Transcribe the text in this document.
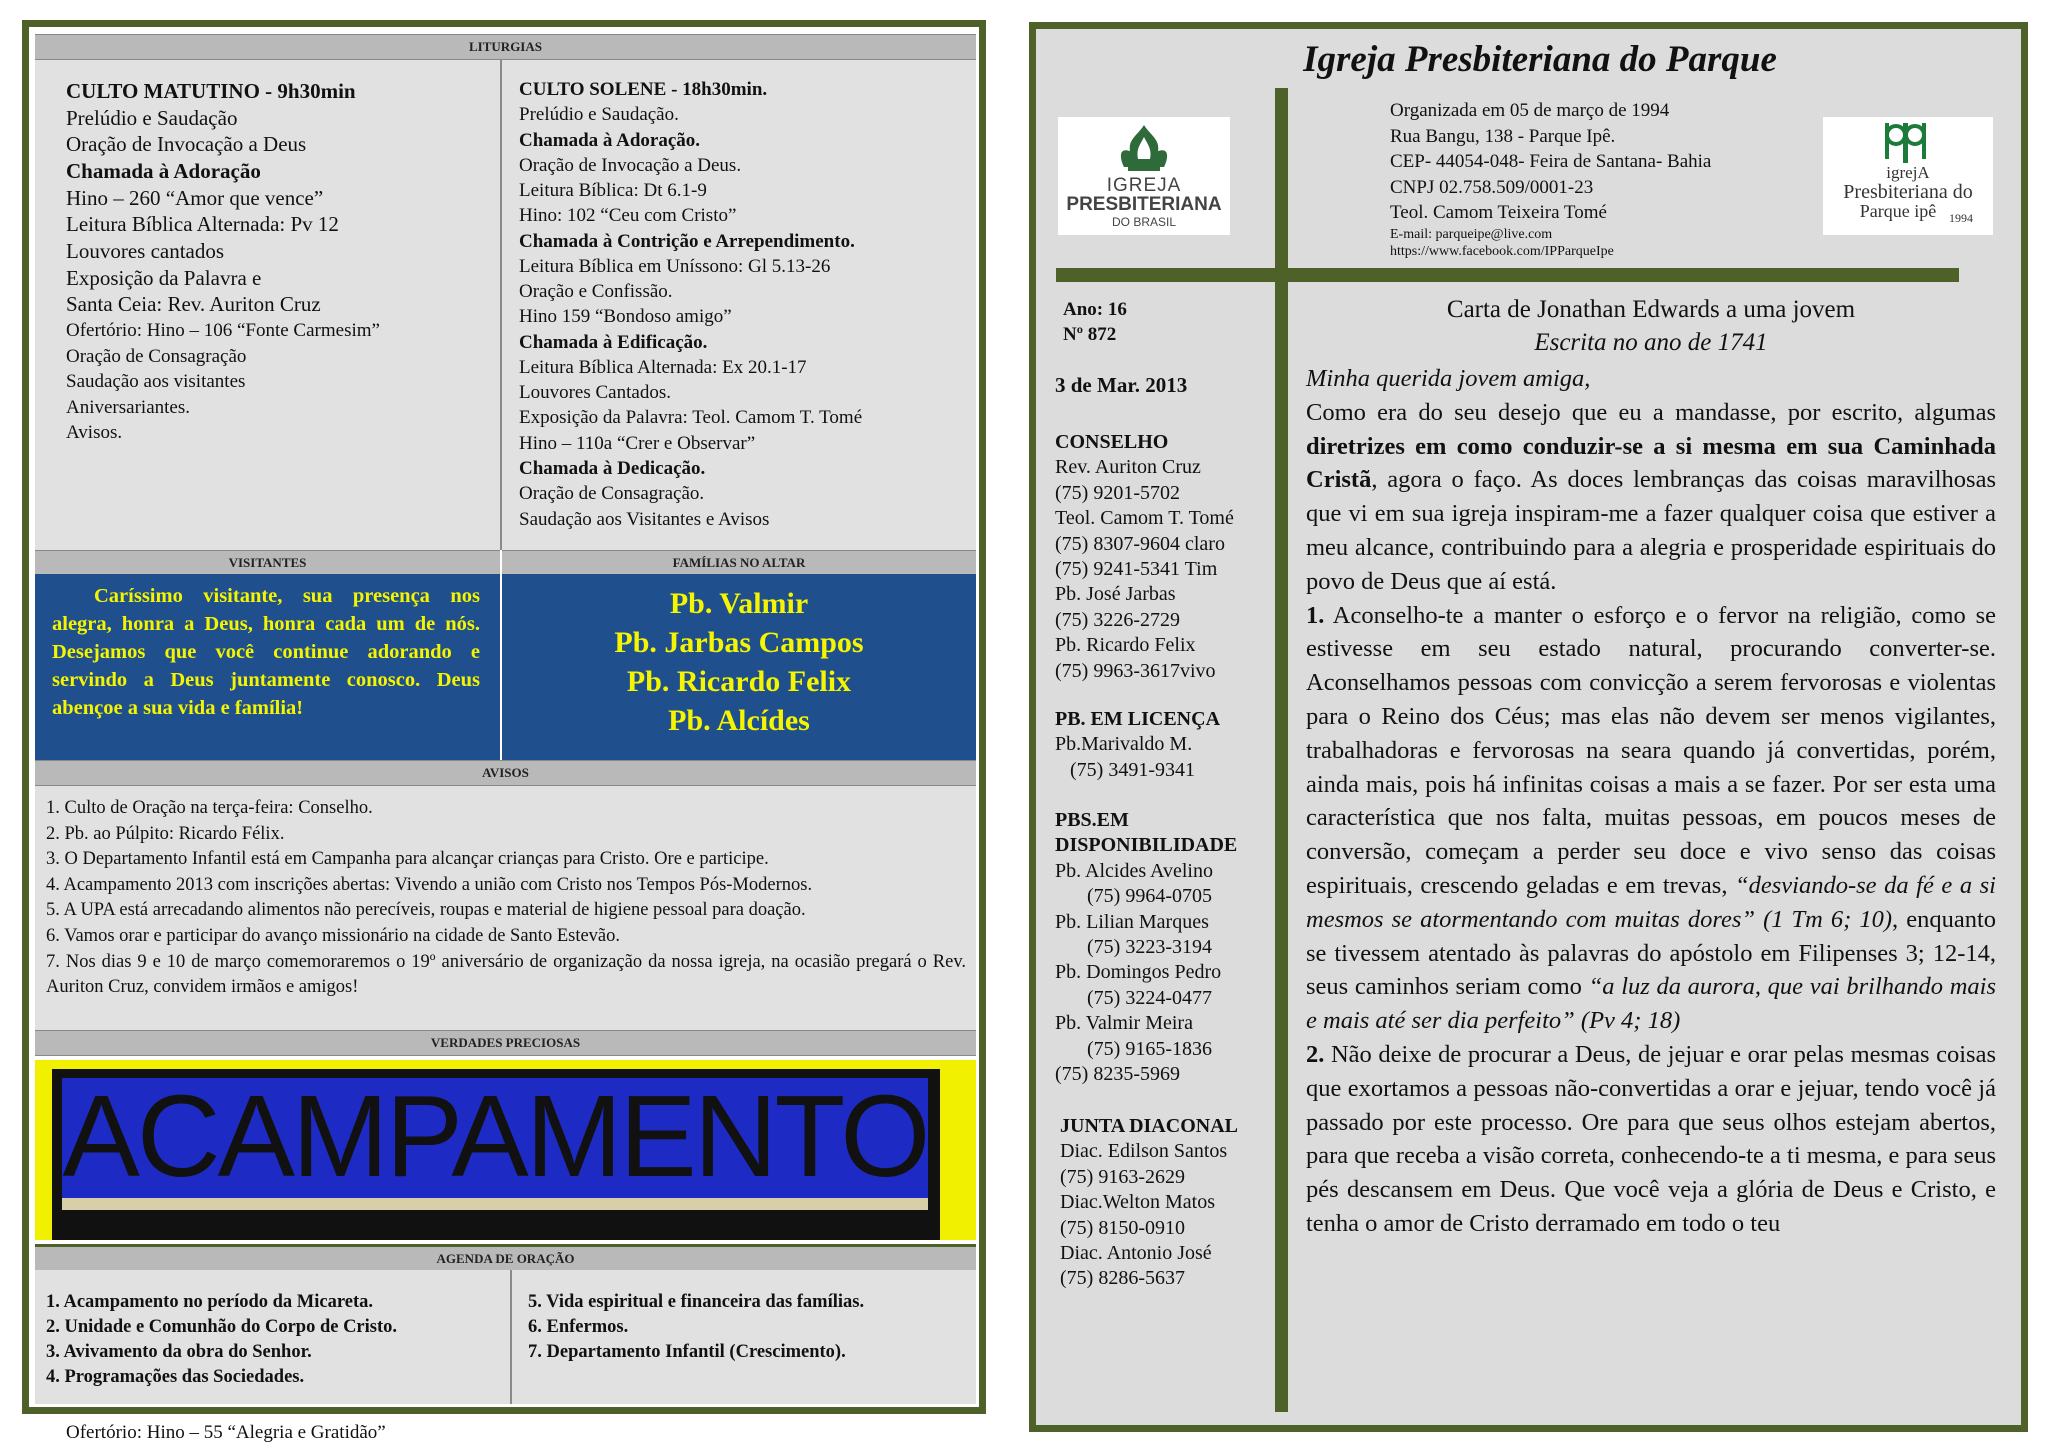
LITURGIAS
CULTO MATUTINO - 9h30min
Prelúdio e Saudação
Oração de Invocação a Deus
Chamada à Adoração
Hino – 260 “Amor que vence”
Leitura Bíblica Alternada: Pv 12
Louvores cantados
Exposição da Palavra e
Santa Ceia: Rev. Auriton Cruz
Ofertório: Hino – 106 “Fonte Carmesim”
Oração de Consagração
Saudação aos visitantes
Aniversariantes.
Avisos.
CULTO SOLENE - 18h30min.
Prelúdio e Saudação.
Chamada à Adoração.
Oração de Invocação a Deus.
Leitura Bíblica: Dt 6.1-9
Hino: 102 “Ceu com Cristo”
Chamada à Contrição e Arrependimento.
Leitura Bíblica em Uníssono: Gl 5.13-26
Oração e Confissão.
Hino 159 “Bondoso amigo”
Chamada à Edificação.
Leitura Bíblica Alternada: Ex 20.1-17
Louvores Cantados.
Exposição da Palavra: Teol. Camom T. Tomé
Hino – 110a “Crer e Observar”
Chamada à Dedicação.
Oração de Consagração.
Saudação aos Visitantes e Avisos
VISITANTES	FAMÍLIAS NO ALTAR
Caríssimo visitante, sua presença nos alegra, honra a Deus, honra cada um de nós. Desejamos que você continue adorando e servindo a Deus juntamente conosco. Deus abençoe a sua vida e família!
Pb. Valmir
Pb. Jarbas Campos
Pb. Ricardo Felix
Pb. Alcídes
AVISOS
1. Culto de Oração na terça-feira: Conselho.
2. Pb. ao Púlpito: Ricardo Félix.
3. O Departamento Infantil está em Campanha para alcançar crianças para Cristo. Ore e participe.
4. Acampamento 2013 com inscrições abertas: Vivendo a união com Cristo nos Tempos Pós-Modernos.
5. A UPA está arrecadando alimentos não perecíveis, roupas e material de higiene pessoal para doação.
6. Vamos orar e participar do avanço missionário na cidade de Santo Estevão.
7. Nos dias 9 e 10 de março comemoraremos o 19º aniversário de organização da nossa igreja, na ocasião pregará o Rev. Auriton Cruz, convidem irmãos e amigos!
VERDADES PRECIOSAS
ACAMPAMENTO
AGENDA DE ORAÇÃO
1. Acampamento no período da Micareta.
2. Unidade e Comunhão do Corpo de Cristo.
3. Avivamento da obra do Senhor.
4. Programações das Sociedades.
5. Vida espiritual e financeira das famílias.
6. Enfermos.
7. Departamento Infantil (Crescimento).
Ofertório: Hino – 55 “Alegria e Gratidão”
Igreja Presbiteriana do Parque
IGREJA
PRESBITERIANA
DO BRASIL
igrejA
Presbiteriana do
Parque ipê	1994
Organizada em 05 de março de 1994
Rua Bangu, 138 - Parque Ipê.
CEP- 44054-048- Feira de Santana- Bahia
CNPJ 02.758.509/0001-23
Teol. Camom Teixeira Tomé
E-mail: parqueipe@live.com
https://www.facebook.com/IPParqueIpe
Ano: 16
Nº 872
3 de Mar. 2013
CONSELHO
Rev. Auriton Cruz
(75) 9201-5702
Teol. Camom T. Tomé
(75) 8307-9604 claro
(75) 9241-5341 Tim
Pb. José Jarbas
(75) 3226-2729
Pb. Ricardo Felix
(75) 9963-3617vivo
PB. EM LICENÇA
Pb.Marivaldo M.
(75) 3491-9341
PBS.EM
DISPONIBILIDADE
Pb. Alcides Avelino
(75) 9964-0705
Pb. Lilian Marques
(75) 3223-3194
Pb. Domingos Pedro
(75) 3224-0477
Pb. Valmir Meira
(75) 9165-1836
(75) 8235-5969
JUNTA DIACONAL
Diac. Edilson Santos
(75) 9163-2629
Diac.Welton Matos
(75) 8150-0910
Diac. Antonio José
(75) 8286-5637
Carta de Jonathan Edwards a uma jovem
Escrita no ano de 1741

Minha querida jovem amiga,

Como era do seu desejo que eu a mandasse, por escrito, algumas diretrizes em como conduzir-se a si mesma em sua Caminhada Cristã, agora o faço. As doces lembranças das coisas maravilhosas que vi em sua igreja inspiram-me a fazer qualquer coisa que estiver a meu alcance, contribuindo para a alegria e prosperidade espirituais do povo de Deus que aí está.

1. Aconselho-te a manter o esforço e o fervor na religião, como se estivesse em seu estado natural, procurando converter-se. Aconselhamos pessoas com convicção a serem fervorosas e violentas para o Reino dos Céus; mas elas não devem ser menos vigilantes, trabalhadoras e fervorosas na seara quando já convertidas, porém, ainda mais, pois há infinitas coisas a mais a se fazer. Por ser esta uma característica que nos falta, muitas pessoas, em poucos meses de conversão, começam a perder seu doce e vivo senso das coisas espirituais, crescendo geladas e em trevas, “desviando-se da fé e a si mesmos se atormentando com muitas dores” (1 Tm 6; 10), enquanto se tivessem atentado às palavras do apóstolo em Filipenses 3; 12-14, seus caminhos seriam como “a luz da aurora, que vai brilhando mais e mais até ser dia perfeito” (Pv 4; 18)

2. Não deixe de procurar a Deus, de jejuar e orar pelas mesmas coisas que exortamos a pessoas não-convertidas a orar e jejuar, tendo você já passado por este processo. Ore para que seus olhos estejam abertos, para que receba a visão correta, conhecendo-te a ti mesma, e para seus pés descansem em Deus. Que você veja a glória de Deus e Cristo, e tenha o amor de Cristo derramado em todo o teu
